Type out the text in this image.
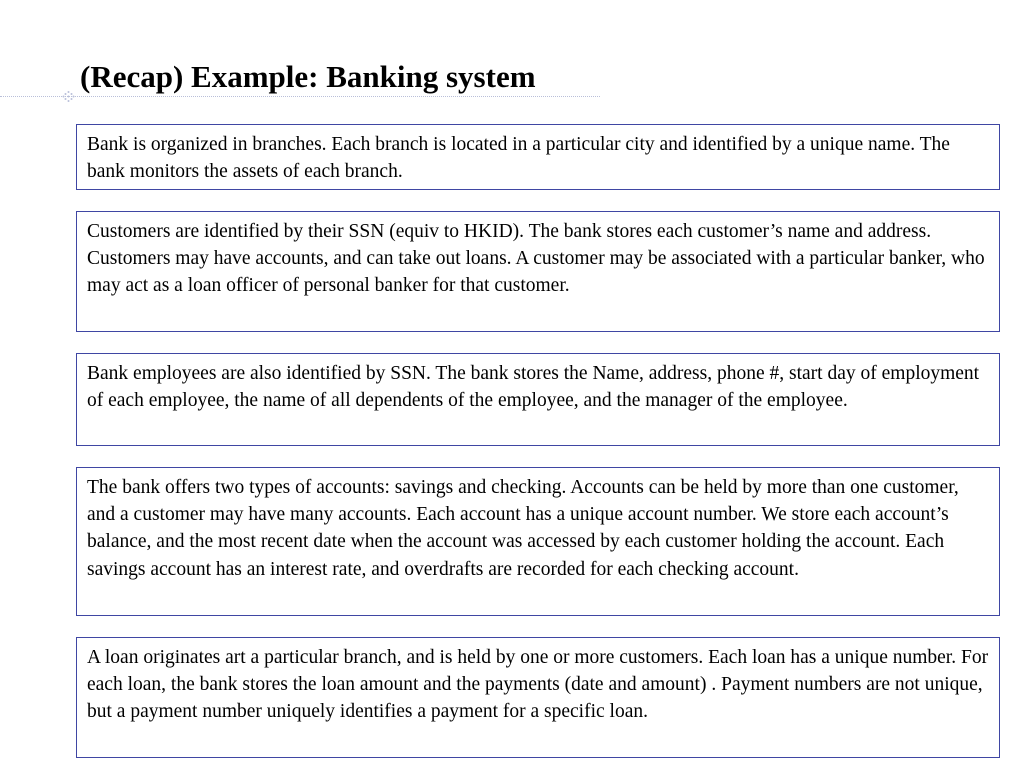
(Recap) Example: Banking system

Bank is organized in branches. Each branch is located in a particular city and identified by a unique name. The bank monitors the assets of each branch.

Customers are identified by their SSN (equiv to HKID). The bank stores each customer’s name and address. Customers may have accounts, and can take out loans. A customer may be associated with a particular banker, who may act as a loan officer of personal banker for that customer.

Bank employees are also identified by SSN. The bank stores the Name, address, phone #, start day of employment of each employee, the name of all dependents of the employee, and the manager of the employee.

The bank offers two types of accounts: savings and checking. Accounts can be held by more than one customer, and a customer may have many accounts. Each account has a unique account number. We store each account’s balance, and the most recent date when the account was accessed by each customer holding the account. Each savings account has an interest rate, and overdrafts are recorded for each checking account.

A loan originates art a particular branch, and is held by one or more customers. Each loan has a unique number. For each loan, the bank stores the loan amount and the payments (date and amount) . Payment numbers are not unique, but a payment number uniquely identifies a payment for a specific loan.
